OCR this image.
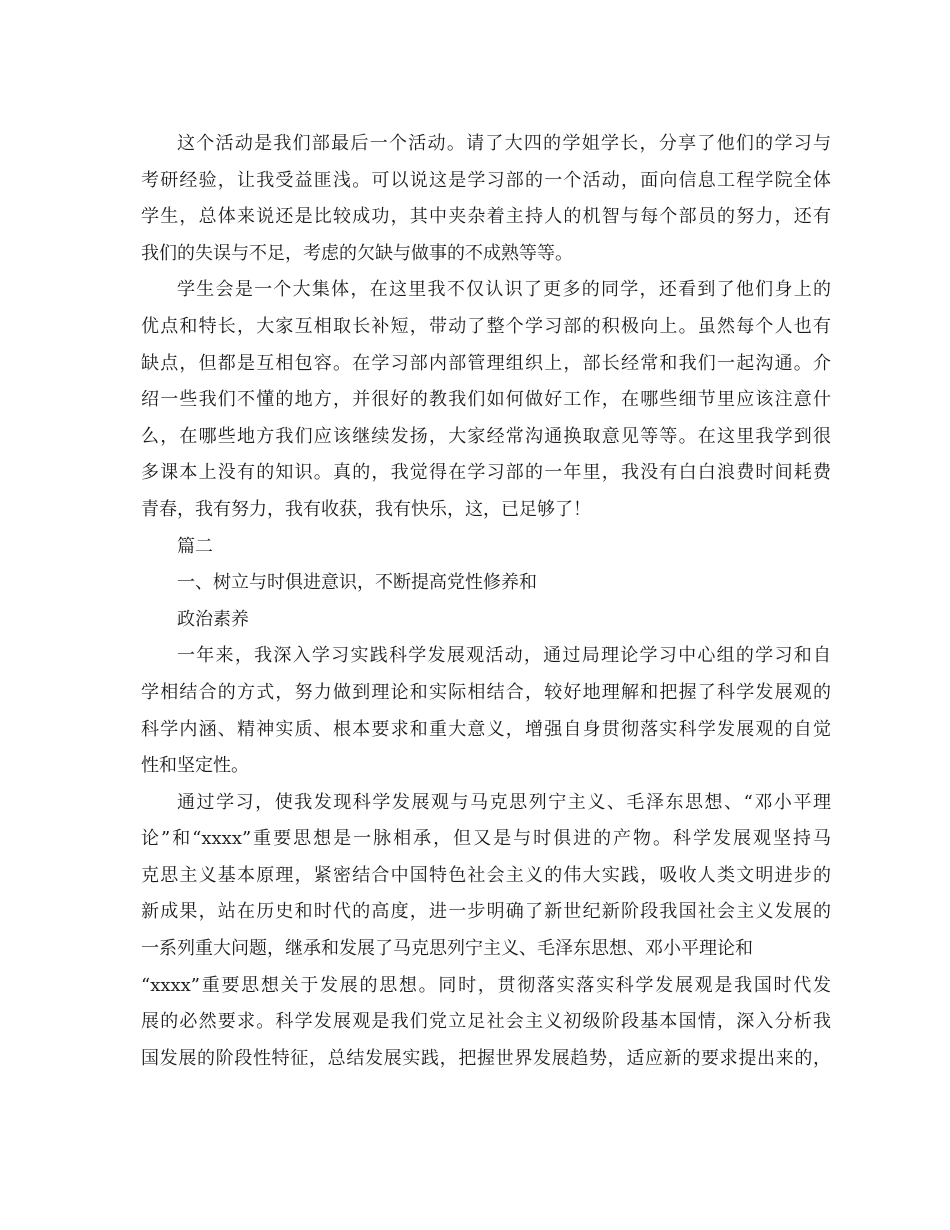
这个活动是我们部最后一个活动。请了大四的学姐学长，分享了他们的学习与
考研经验，让我受益匪浅。可以说这是学习部的一个活动，面向信息工程学院全体
学生，总体来说还是比较成功，其中夹杂着主持人的机智与每个部员的努力，还有
我们的失误与不足，考虑的欠缺与做事的不成熟等等。
学生会是一个大集体，在这里我不仅认识了更多的同学，还看到了他们身上的
优点和特长，大家互相取长补短，带动了整个学习部的积极向上。虽然每个人也有
缺点，但都是互相包容。在学习部内部管理组织上，部长经常和我们一起沟通。介
绍一些我们不懂的地方，并很好的教我们如何做好工作，在哪些细节里应该注意什
么，在哪些地方我们应该继续发扬，大家经常沟通换取意见等等。在这里我学到很
多课本上没有的知识。真的，我觉得在学习部的一年里，我没有白白浪费时间耗费
青春，我有努力，我有收获，我有快乐，这，已足够了！
篇二
一、树立与时俱进意识，不断提高党性修养和
政治素养
一年来，我深入学习实践科学发展观活动，通过局理论学习中心组的学习和自
学相结合的方式，努力做到理论和实际相结合，较好地理解和把握了科学发展观的
科学内涵、精神实质、根本要求和重大意义，增强自身贯彻落实科学发展观的自觉
性和坚定性。
通过学习，使我发现科学发展观与马克思列宁主义、毛泽东思想、“邓小平理
论”和“xxxx”重要思想是一脉相承，但又是与时俱进的产物。科学发展观坚持马
克思主义基本原理，紧密结合中国特色社会主义的伟大实践，吸收人类文明进步的
新成果，站在历史和时代的高度，进一步明确了新世纪新阶段我国社会主义发展的
一系列重大问题，继承和发展了马克思列宁主义、毛泽东思想、邓小平理论和
“xxxx”重要思想关于发展的思想。同时，贯彻落实落实科学发展观是我国时代发
展的必然要求。科学发展观是我们党立足社会主义初级阶段基本国情，深入分析我
国发展的阶段性特征，总结发展实践，把握世界发展趋势，适应新的要求提出来的，
